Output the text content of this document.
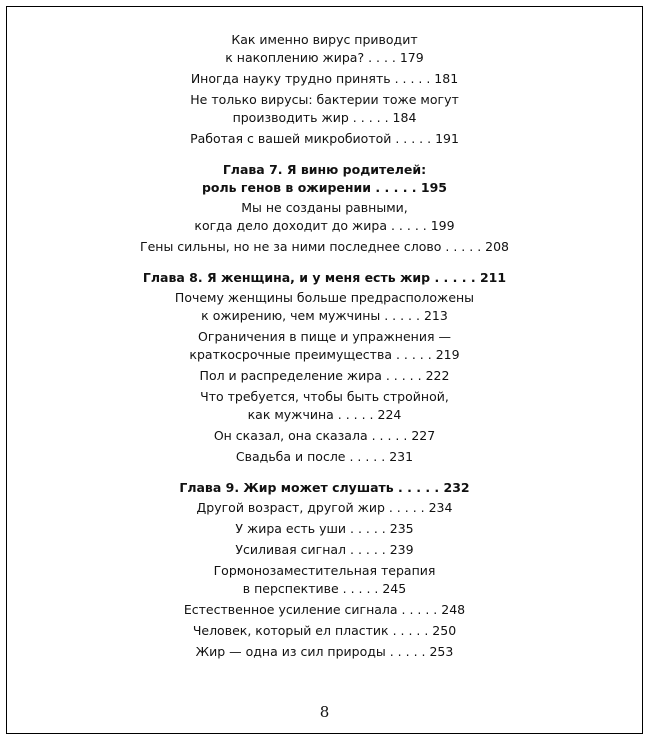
Как именно вирус приводит
к накоплению жира? . . . . 179
Иногда науку трудно принять . . . . . 181
Не только вирусы: бактерии тоже могут
производить жир . . . . . 184
Работая с вашей микробиотой . . . . . 191
Глава 7. Я виню родителей:
роль генов в ожирении . . . . . 195
Мы не созданы равными,
когда дело доходит до жира . . . . . 199
Гены сильны, но не за ними последнее слово . . . . . 208
Глава 8. Я женщина, и у меня есть жир . . . . . 211
Почему женщины больше предрасположены
к ожирению, чем мужчины . . . . . 213
Ограничения в пище и упражнения —
краткосрочные преимущества . . . . . 219
Пол и распределение жира . . . . . 222
Что требуется, чтобы быть стройной,
как мужчина . . . . . 224
Он сказал, она сказала . . . . . 227
Свадьба и после . . . . . 231
Глава 9. Жир может слушать . . . . . 232
Другой возраст, другой жир . . . . . 234
У жира есть уши . . . . . 235
Усиливая сигнал . . . . . 239
Гормонозаместительная терапия
в перспективе . . . . . 245
Естественное усиление сигнала . . . . . 248
Человек, который ел пластик . . . . . 250
Жир — одна из сил природы . . . . . 253
8
